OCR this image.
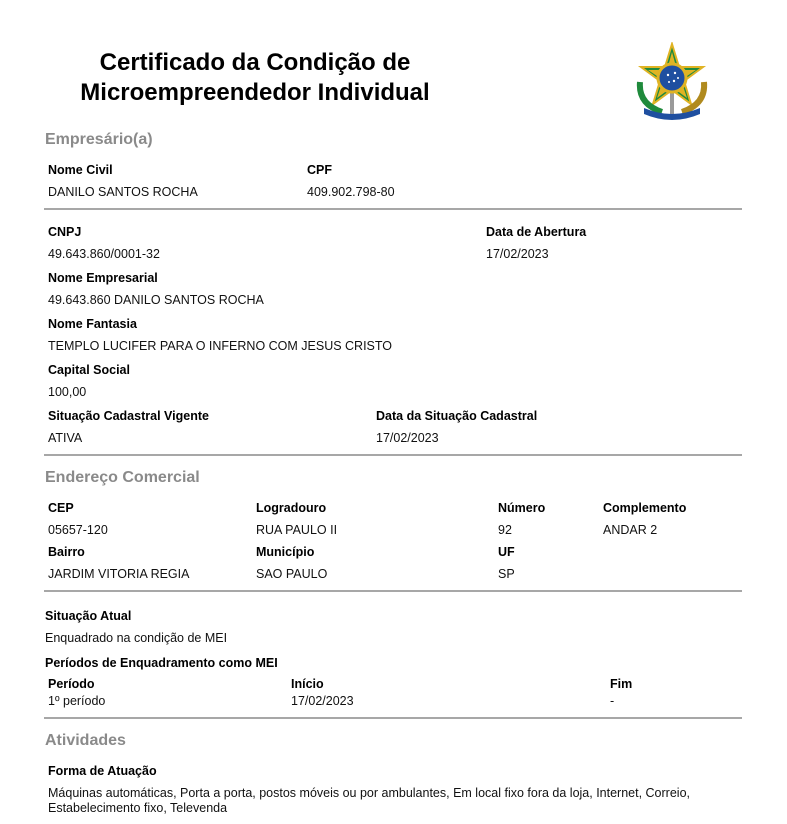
Certificado da Condição de
Microempreendedor Individual
Empresário(a)
Nome Civil
DANILO SANTOS ROCHA
CPF
409.902.798-80
CNPJ
49.643.860/0001-32
Data de Abertura
17/02/2023
Nome Empresarial
49.643.860 DANILO SANTOS ROCHA
Nome Fantasia
TEMPLO LUCIFER PARA O INFERNO COM JESUS CRISTO
Capital Social
100,00
Situação Cadastral Vigente
ATIVA
Data da Situação Cadastral
17/02/2023
Endereço Comercial
CEP
05657-120
Logradouro
RUA PAULO II
Número
92
Complemento
ANDAR 2
Bairro
JARDIM VITORIA REGIA
Município
SAO PAULO
UF
SP
Situação Atual
Enquadrado na condição de MEI
Períodos de Enquadramento como MEI
Período
1º período
Início
17/02/2023
Fim
-
Atividades
Forma de Atuação
Máquinas automáticas, Porta a porta, postos móveis ou por ambulantes, Em local fixo fora da loja, Internet, Correio,
Estabelecimento fixo, Televenda
